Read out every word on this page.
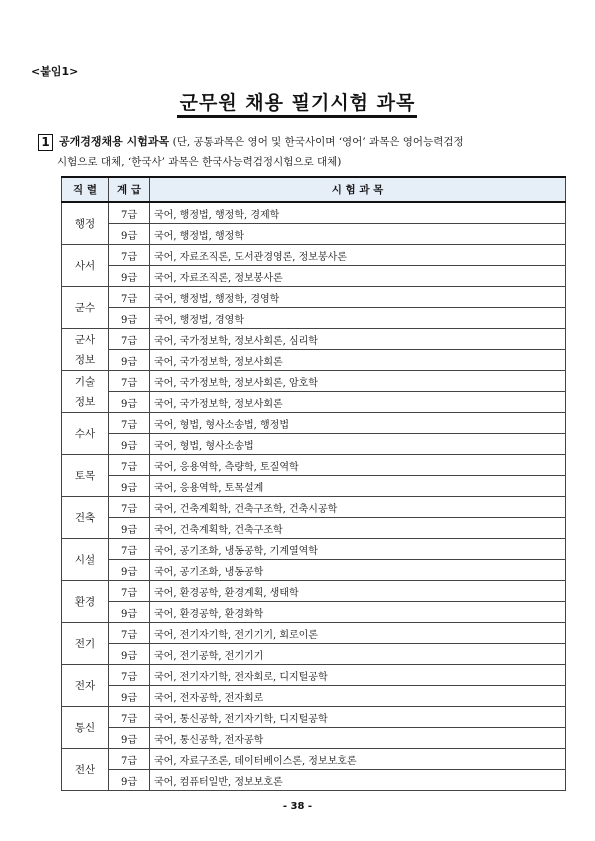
<붙임1>
군무원 채용 필기시험 과목
1 공개경쟁채용 시험과목 (단, 공통과목은 영어 및 한국사이며 ‘영어’ 과목은 영어능력검정
시험으로 대체, ‘한국사’ 과목은 한국사능력검정시험으로 대체)
직 렬	계 급	시 험 과 목
행정	7급	국어, 행정법, 행정학, 경제학
	9급	국어, 행정법, 행정학
사서	7급	국어, 자료조직론, 도서관경영론, 정보봉사론
	9급	국어, 자료조직론, 정보봉사론
군수	7급	국어, 행정법, 행정학, 경영학
	9급	국어, 행정법, 경영학
군사
정보	7급	국어, 국가정보학, 정보사회론, 심리학
	9급	국어, 국가정보학, 정보사회론
기술
정보	7급	국어, 국가정보학, 정보사회론, 암호학
	9급	국어, 국가정보학, 정보사회론
수사	7급	국어, 형법, 형사소송법, 행정법
	9급	국어, 형법, 형사소송법
토목	7급	국어, 응용역학, 측량학, 토질역학
	9급	국어, 응용역학, 토목설계
건축	7급	국어, 건축계획학, 건축구조학, 건축시공학
	9급	국어, 건축계획학, 건축구조학
시설	7급	국어, 공기조화, 냉동공학, 기계열역학
	9급	국어, 공기조화, 냉동공학
환경	7급	국어, 환경공학, 환경계획, 생태학
	9급	국어, 환경공학, 환경화학
전기	7급	국어, 전기자기학, 전기기기, 회로이론
	9급	국어, 전기공학, 전기기기
전자	7급	국어, 전기자기학, 전자회로, 디지털공학
	9급	국어, 전자공학, 전자회로
통신	7급	국어, 통신공학, 전기자기학, 디지털공학
	9급	국어, 통신공학, 전자공학
전산	7급	국어, 자료구조론, 데이터베이스론, 정보보호론
	9급	국어, 컴퓨터일반, 정보보호론
- 38 -
